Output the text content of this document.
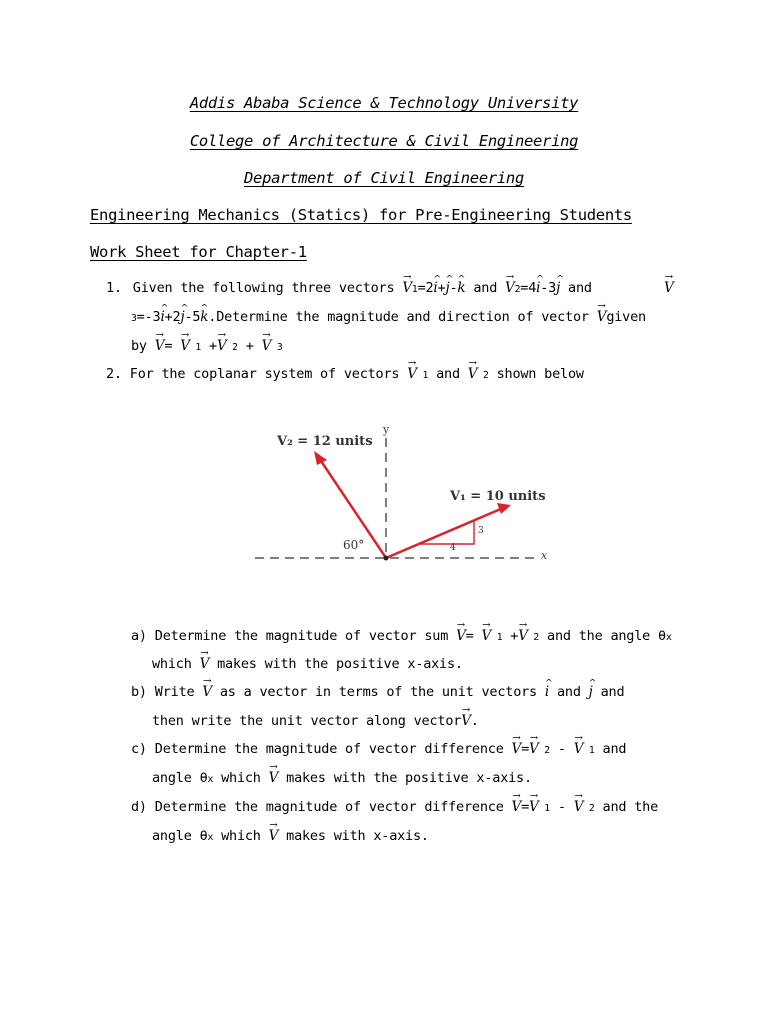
Addis Ababa Science & Technology University
College of Architecture & Civil Engineering
Department of Civil Engineering
Engineering Mechanics (Statics) for Pre-Engineering Students
Work Sheet for Chapter-1
1. Given the following three vectors → V1=2^ i+^ j-^ k and → V2=4^ i-3^ j and
→	V
3=-3^ i+2^ j-5^ k.Determine the magnitude and direction of vector → Vgiven
by → V= → V 1 +→ V 2 + → V 3
2. For the coplanar system of vectors → V 1 and → V 2 shown below
V₂ = 12 units
V₁ = 10 units
60°
y
x
3
4
a) Determine the magnitude of vector sum → V= → V 1 +→ V 2 and the angle θx
which → V makes with the positive x-axis.
b) Write → V as a vector in terms of the unit vectors ^ i and ^ j and
then write the unit vector along vector→ V.
c) Determine the magnitude of vector difference → V=→ V 2 - → V 1 and
angle θx which → V makes with the positive x-axis.
d) Determine the magnitude of vector difference → V=→ V 1 - → V 2 and the
angle θx which → V makes with x-axis.
